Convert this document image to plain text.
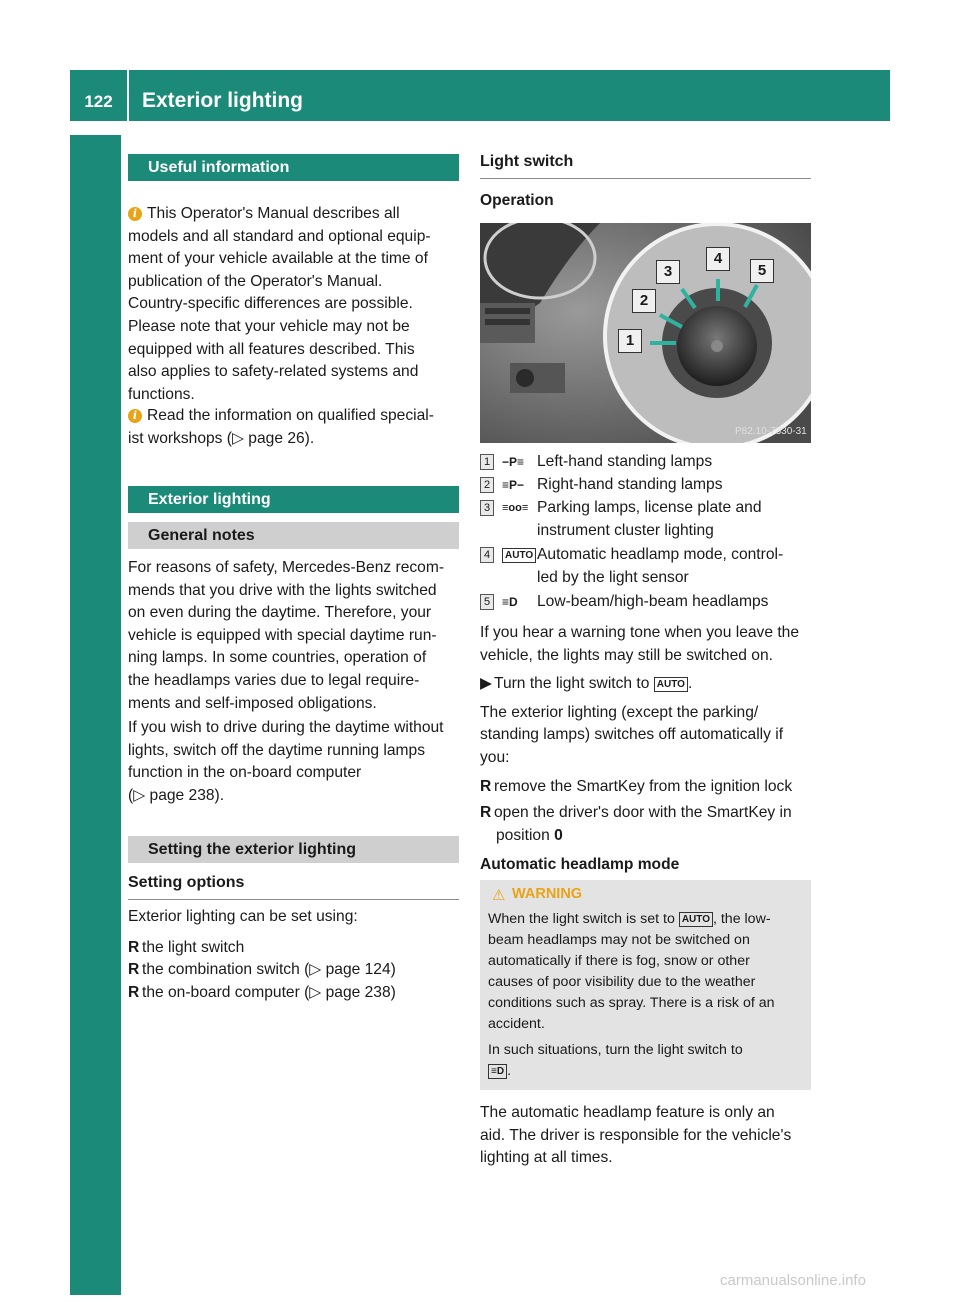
122	Exterior lighting
Lights and windshield wipers
Useful information
i This Operator's Manual describes all

models and all standard and optional equip-

ment of your vehicle available at the time of

publication of the Operator's Manual.

Country-specific differences are possible.

Please note that your vehicle may not be

equipped with all features described. This

also applies to safety-related systems and

functions.

i Read the information on qualified special-

ist workshops (▷ page 26).

Exterior lighting
General notes

For reasons of safety, Mercedes-Benz recom-

mends that you drive with the lights switched

on even during the daytime. Therefore, your

vehicle is equipped with special daytime run-

ning lamps. In some countries, operation of

the headlamps varies due to legal require-

ments and self-imposed obligations.

If you wish to drive during the daytime without

lights, switch off the daytime running lamps

function in the on-board computer

(▷ page 238).

Setting the exterior lighting
Setting options

Exterior lighting can be set using:

R the light switch

R the combination switch (▷ page 124)

R the on-board computer (▷ page 238)

Light switch
Operation
1
2
3
4
5
P82.10-7330-31
1 −P≡ Left-hand standing lamps
2 ≡P− Right-hand standing lamps
3	≡oo≡ Parking lamps, license plate and
instrument cluster lighting
4	AUTO Automatic headlamp mode, control-
led by the light sensor
5 ≡D Low-beam/high-beam headlamps

If you hear a warning tone when you leave the

vehicle, the lights may still be switched on.

▶ Turn the light switch to AUTO .

The exterior lighting (except the parking/

standing lamps) switches off automatically if

you:

R remove the SmartKey from the ignition lock

R open the driver's door with the SmartKey in

position 0

Automatic headlamp mode
⚠ WARNING
When the light switch is set to AUTO , the low-
beam headlamps may not be switched on
automatically if there is fog, snow or other
causes of poor visibility due to the weather
conditions such as spray. There is a risk of an
accident.
In such situations, turn the light switch to
≡D .

The automatic headlamp feature is only an

aid. The driver is responsible for the vehicle's

lighting at all times.

carmanualsonline.info
